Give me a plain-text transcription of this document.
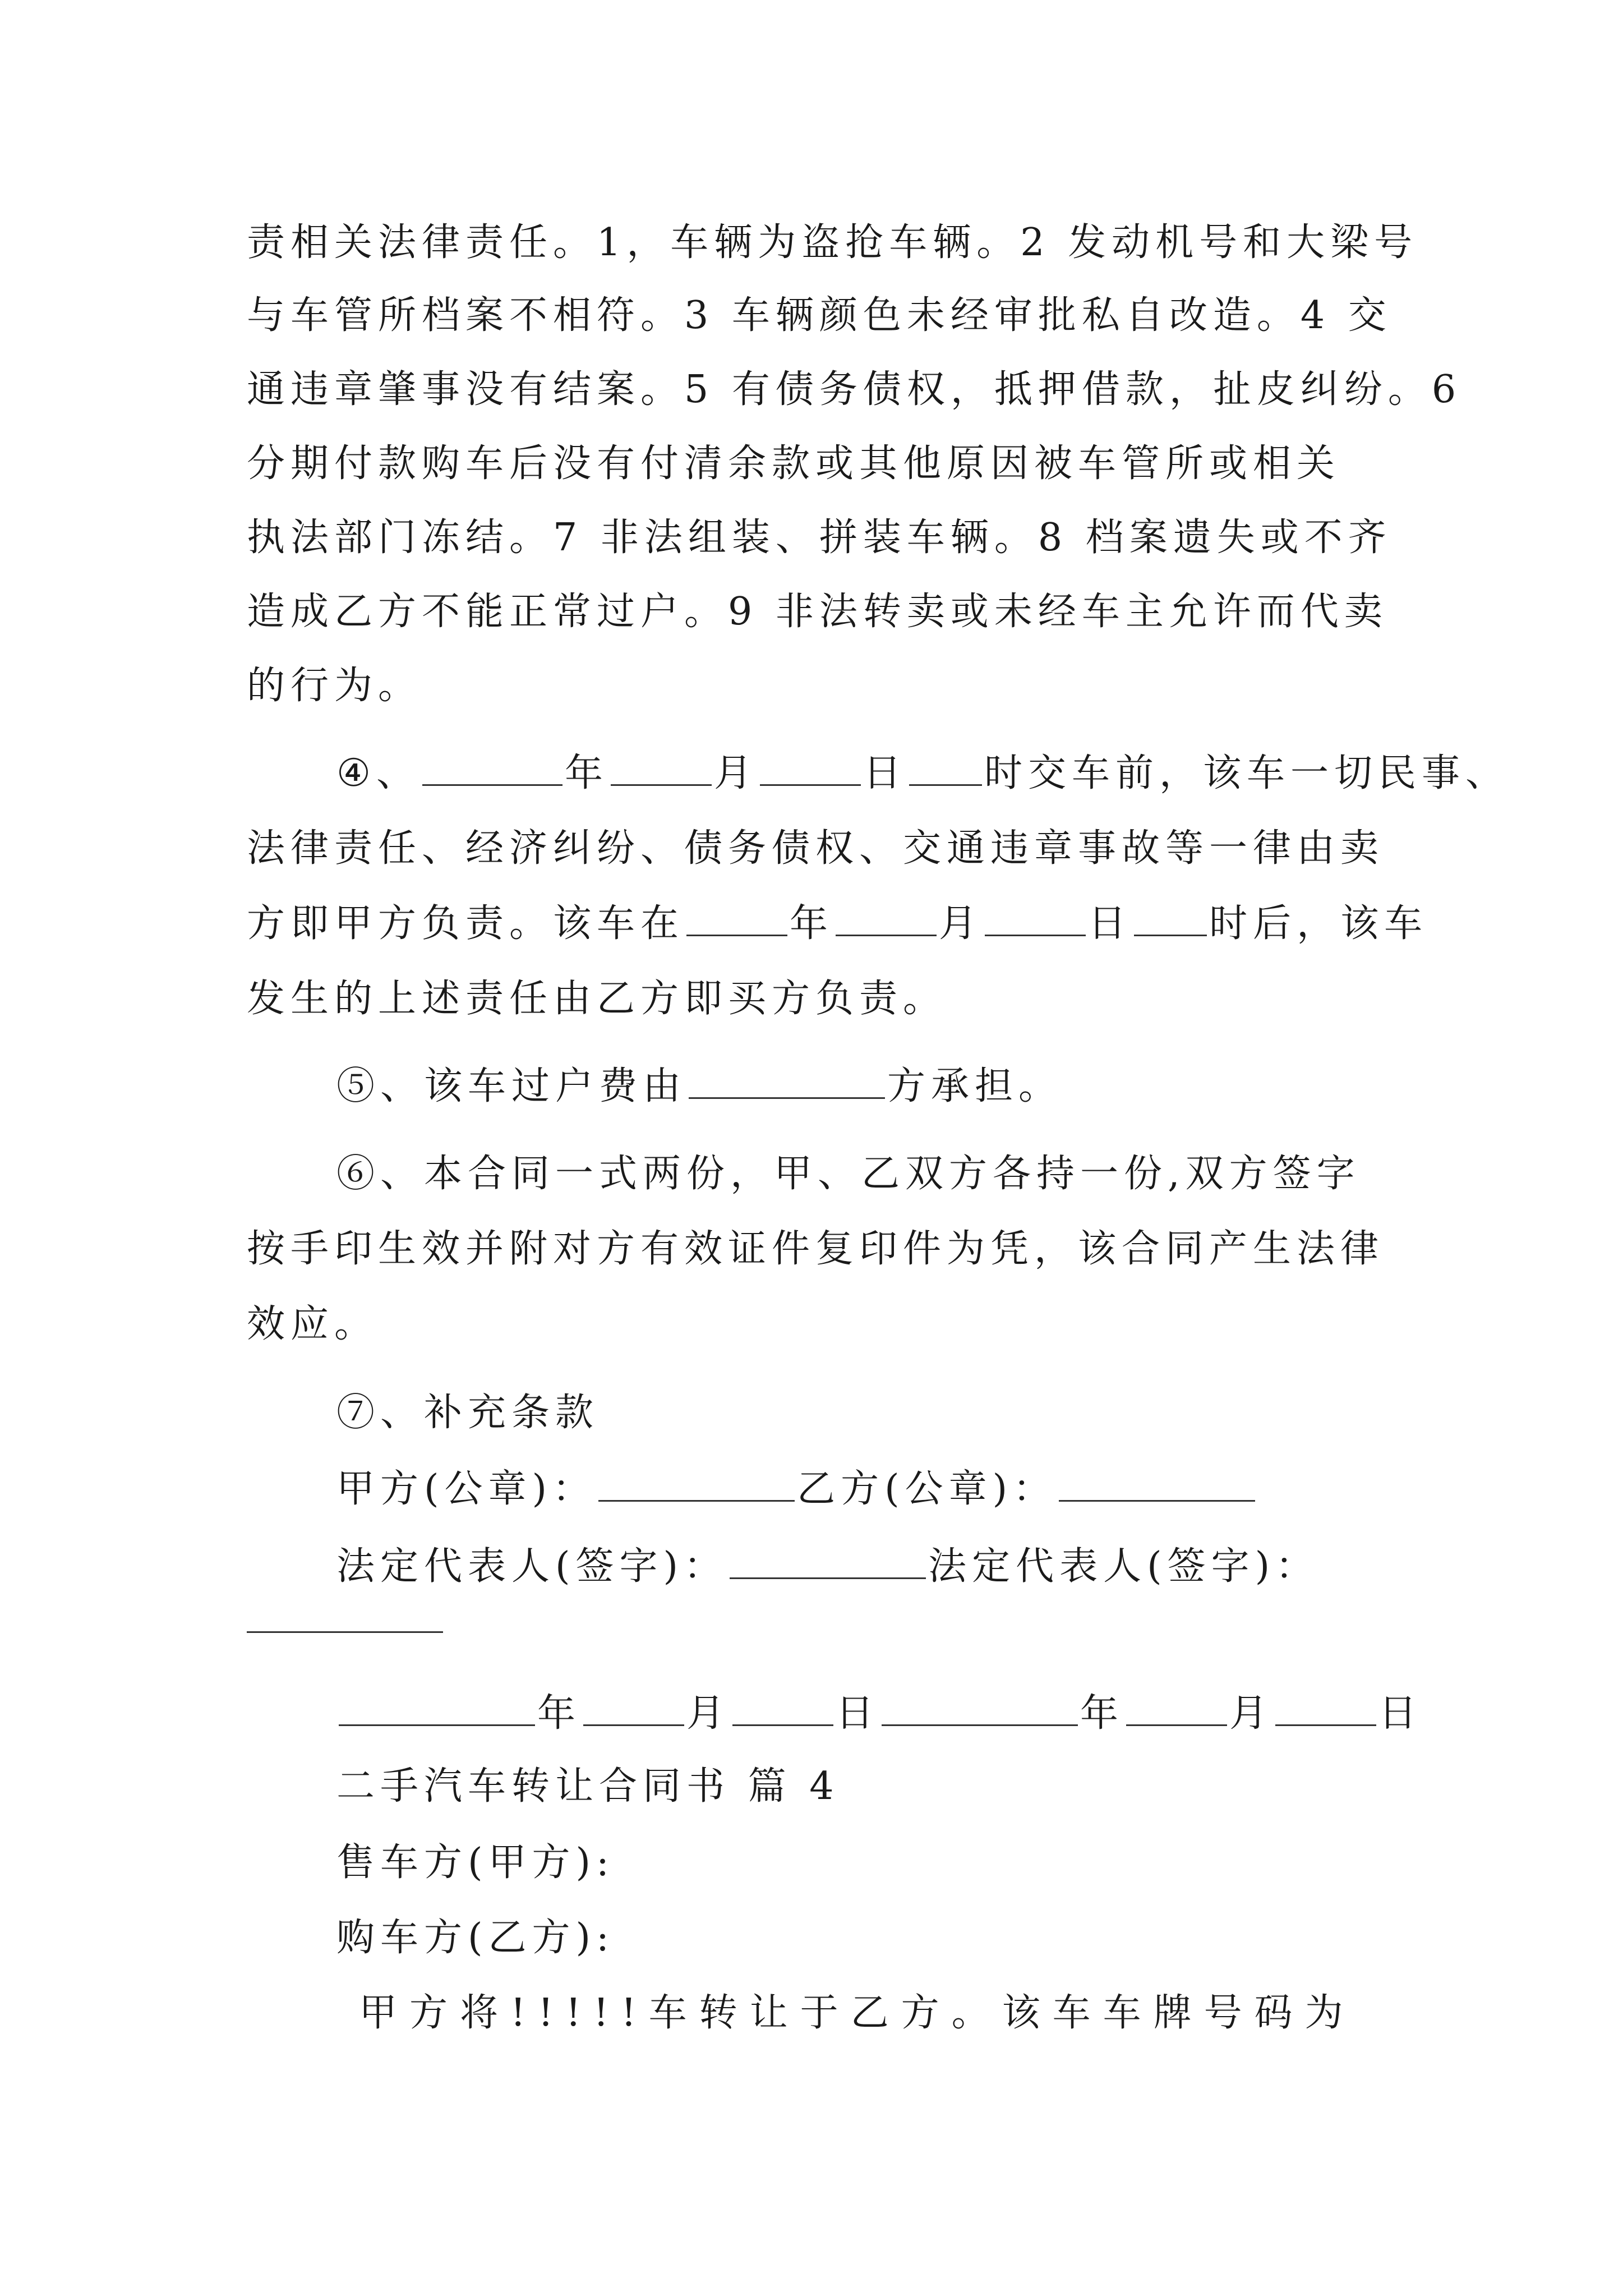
责相关法律责任。1，车辆为盗抢车辆。2 发动机号和大梁号
与车管所档案不相符。3 车辆颜色未经审批私自改造。4 交
通违章肇事没有结案。5 有债务债权，抵押借款，扯皮纠纷。6
分期付款购车后没有付清余款或其他原因被车管所或相关
执法部门冻结。7 非法组装、拼装车辆。8 档案遗失或不齐
造成乙方不能正常过户。9 非法转卖或未经车主允许而代卖
的行为。
④、	年	月	日 时交车前，该车一切民事、
法律责任、经济纠纷、债务债权、交通违章事故等一律由卖
方即甲方负责。该车在	年	月	日 时后，该车
发生的上述责任由乙方即买方负责。
⑤、该车过户费由	方承担。
⑥、本合同一式两份，甲、乙双方各持一份,双方签字
按手印生效并附对方有效证件复印件为凭，该合同产生法律
效应。
⑦、补充条款
甲方(公章)：	乙方(公章)：
法定代表人(签字)：	法定代表人(签字)：
年	月	日	年	月	日
二手汽车转让合同书 篇 4
售车方(甲方):
购车方(乙方):
甲方将!!!!!车转让于乙方。该车车牌号码为
